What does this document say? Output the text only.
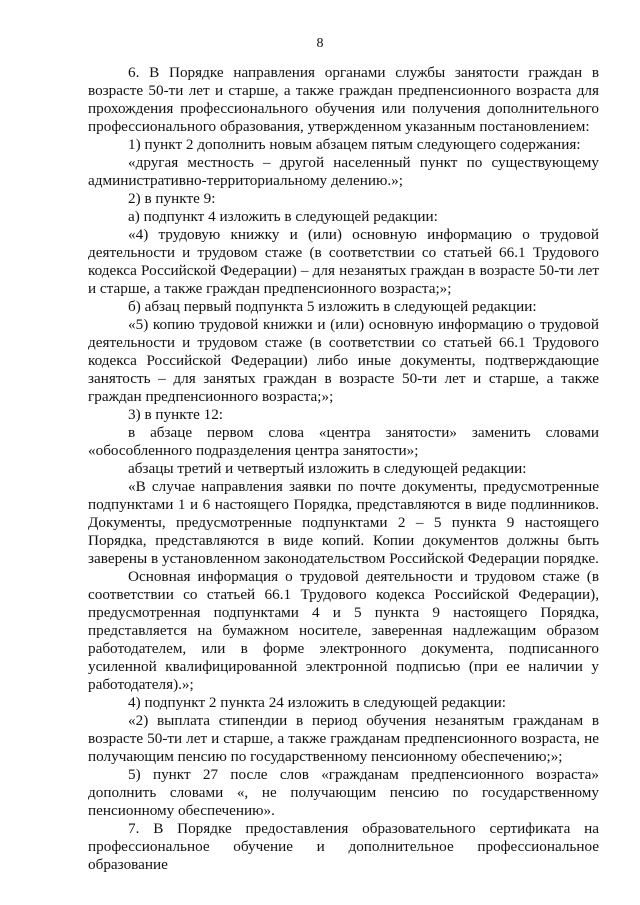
8

6. В Порядке направления органами службы занятости граждан в возрасте 50-ти лет и старше, а также граждан предпенсионного возраста для прохождения профессионального обучения или получения дополнительного профессионального образования, утвержденном указанным постановлением:

1) пункт 2 дополнить новым абзацем пятым следующего содержания:

«другая местность – другой населенный пункт по существующему административно-территориальному делению.»;

2) в пункте 9:

а) подпункт 4 изложить в следующей редакции:

«4) трудовую книжку и (или) основную информацию о трудовой деятельности и трудовом стаже (в соответствии со статьей 66.1 Трудового кодекса Российской Федерации) – для незанятых граждан в возрасте 50-ти лет и старше, а также граждан предпенсионного возраста;»;

б) абзац первый подпункта 5 изложить в следующей редакции:

«5) копию трудовой книжки и (или) основную информацию о трудовой деятельности и трудовом стаже (в соответствии со статьей 66.1 Трудового кодекса Российской Федерации) либо иные документы, подтверждающие занятость – для занятых граждан в возрасте 50-ти лет и старше, а также граждан предпенсионного возраста;»;

3) в пункте 12:

в абзаце первом слова «центра занятости» заменить словами «обособленного подразделения центра занятости»;

абзацы третий и четвертый изложить в следующей редакции:

«В случае направления заявки по почте документы, предусмотренные подпунктами 1 и 6 настоящего Порядка, представляются в виде подлинников. Документы, предусмотренные подпунктами 2 – 5 пункта 9 настоящего Порядка, представляются в виде копий. Копии документов должны быть заверены в установленном законодательством Российской Федерации порядке.

Основная информация о трудовой деятельности и трудовом стаже (в соответствии со статьей 66.1 Трудового кодекса Российской Федерации), предусмотренная подпунктами 4 и 5 пункта 9 настоящего Порядка, представляется на бумажном носителе, заверенная надлежащим образом работодателем, или в форме электронного документа, подписанного усиленной квалифицированной электронной подписью (при ее наличии у работодателя).»;

4) подпункт 2 пункта 24 изложить в следующей редакции:

«2) выплата стипендии в период обучения незанятым гражданам в возрасте 50-ти лет и старше, а также гражданам предпенсионного возраста, не получающим пенсию по государственному пенсионному обеспечению;»;

5) пункт 27 после слов «гражданам предпенсионного возраста» дополнить словами «, не получающим пенсию по государственному пенсионному обеспечению».

7. В Порядке предоставления образовательного сертификата на профессиональное обучение и дополнительное профессиональное образование
